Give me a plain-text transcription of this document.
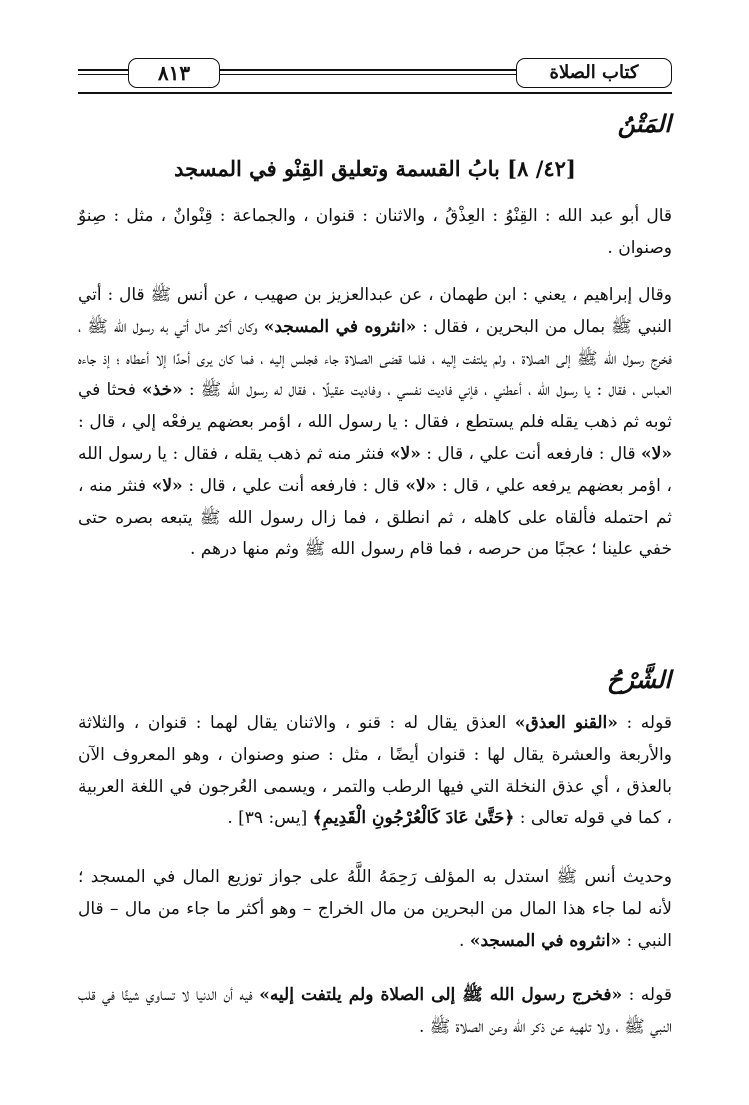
٨١٣	كتاب الصلاة
المَتْنُ
[٤٢/ ٨] بابُ القسمة وتعليق القِنْو في المسجد

قال أبو عبد الله : القِنْوُ : العِذْقُ ، والاثنان : قنوان ، والجماعة : قِنْوانٌ ، مثل : صِنوٌ وصنوان .

وقال إبراهيم ، يعني : ابن طهمان ، عن عبدالعزيز بن صهيب ، عن أنس ﷺ قال : أتي النبي ﷺ بمال من البحرين ، فقال : «انثروه في المسجد» وكان أكثر مال أتي به رسول الله ﷺ ، فخرج رسول الله ﷺ إلى الصلاة ، ولم يلتفت إليه ، فلما قضى الصلاة جاء فجلس إليه ، فما كان يرى أحدًا إلا أعطاه ؛ إذ جاءه العباس ، فقال : يا رسول الله ، أعطني ، فإني فاديت نفسي ، وفاديت عقيلًا ، فقال له رسول الله ﷺ : «خذ» فحثا في ثوبه ثم ذهب يقله فلم يستطع ، فقال : يا رسول الله ، اؤمر بعضهم يرفعْه إلي ، قال : «لا» قال : فارفعه أنت علي ، قال : «لا» فنثر منه ثم ذهب يقله ، فقال : يا رسول الله ، اؤمر بعضهم يرفعه علي ، قال : «لا» قال : فارفعه أنت علي ، قال : «لا» فنثر منه ، ثم احتمله فألقاه على كاهله ، ثم انطلق ، فما زال رسول الله ﷺ يتبعه بصره حتى خفي علينا ؛ عجبًا من حرصه ، فما قام رسول الله ﷺ وثم منها درهم .

الشَّرْحُ

قوله : «القنو العذق» العذق يقال له : قنو ، والاثنان يقال لهما : قنوان ، والثلاثة والأربعة والعشرة يقال لها : قنوان أيضًا ، مثل : صنو وصنوان ، وهو المعروف الآن بالعذق ، أي عذق النخلة التي فيها الرطب والتمر ، ويسمى العُرجون في اللغة العربية ، كما في قوله تعالى : ﴿حَتَّىٰ عَادَ كَالْعُرْجُونِ الْقَدِيمِ﴾ [يس: ٣٩] .

وحديث أنس ﷺ استدل به المؤلف رَحِمَهُ اللَّهُ على جواز توزيع المال في المسجد ؛ لأنه لما جاء هذا المال من البحرين من مال الخراج – وهو أكثر ما جاء من مال – قال النبي : «انثروه في المسجد» .

قوله : «فخرج رسول الله ﷺ إلى الصلاة ولم يلتفت إليه» فيه أن الدنيا لا تساوي شيئًا في قلب النبي ﷺ ، ولا تلهيه عن ذكر الله وعن الصلاة ﷺ .
